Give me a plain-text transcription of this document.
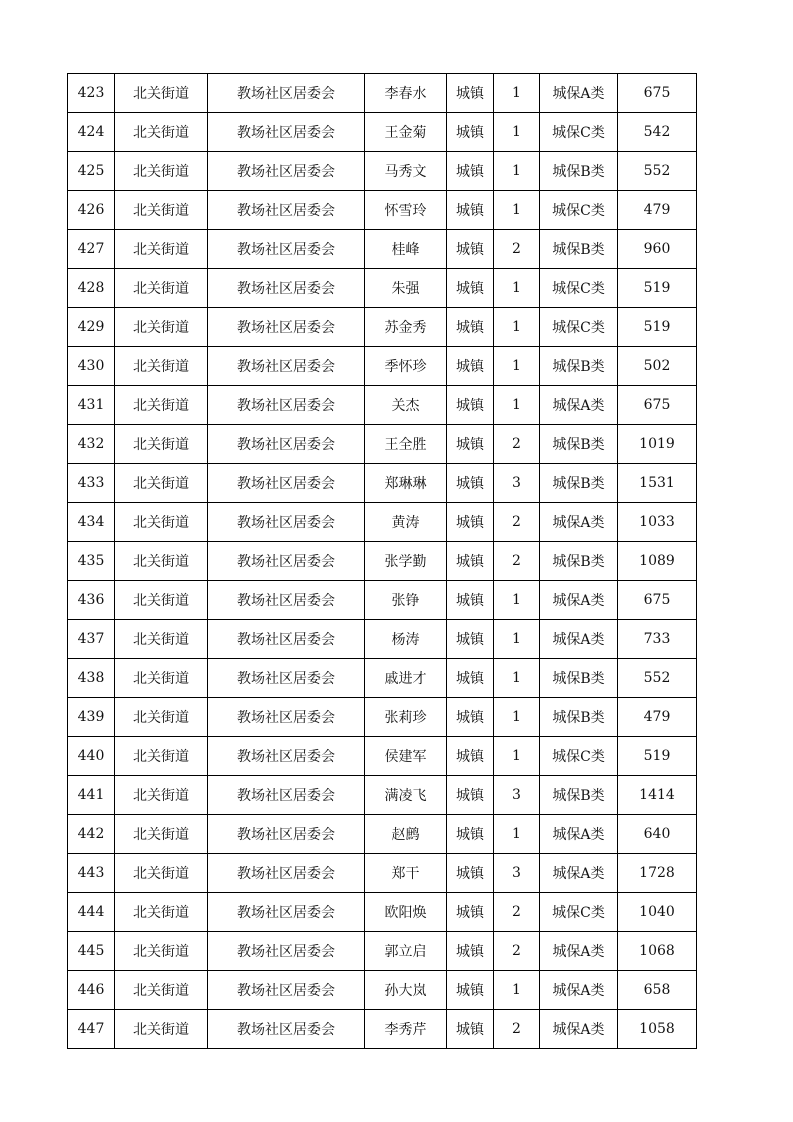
423	北关街道	教场社区居委会	李春水	城镇	1	城保A类	675
424	北关街道	教场社区居委会	王金菊	城镇	1	城保C类	542
425	北关街道	教场社区居委会	马秀文	城镇	1	城保B类	552
426	北关街道	教场社区居委会	怀雪玲	城镇	1	城保C类	479
427	北关街道	教场社区居委会	桂峰	城镇	2	城保B类	960
428	北关街道	教场社区居委会	朱强	城镇	1	城保C类	519
429	北关街道	教场社区居委会	苏金秀	城镇	1	城保C类	519
430	北关街道	教场社区居委会	季怀珍	城镇	1	城保B类	502
431	北关街道	教场社区居委会	关杰	城镇	1	城保A类	675
432	北关街道	教场社区居委会	王全胜	城镇	2	城保B类	1019
433	北关街道	教场社区居委会	郑琳琳	城镇	3	城保B类	1531
434	北关街道	教场社区居委会	黄涛	城镇	2	城保A类	1033
435	北关街道	教场社区居委会	张学勤	城镇	2	城保B类	1089
436	北关街道	教场社区居委会	张铮	城镇	1	城保A类	675
437	北关街道	教场社区居委会	杨涛	城镇	1	城保A类	733
438	北关街道	教场社区居委会	戚进才	城镇	1	城保B类	552
439	北关街道	教场社区居委会	张莉珍	城镇	1	城保B类	479
440	北关街道	教场社区居委会	侯建军	城镇	1	城保C类	519
441	北关街道	教场社区居委会	满凌飞	城镇	3	城保B类	1414
442	北关街道	教场社区居委会	赵鹧	城镇	1	城保A类	640
443	北关街道	教场社区居委会	郑干	城镇	3	城保A类	1728
444	北关街道	教场社区居委会	欧阳焕	城镇	2	城保C类	1040
445	北关街道	教场社区居委会	郭立启	城镇	2	城保A类	1068
446	北关街道	教场社区居委会	孙大岚	城镇	1	城保A类	658
447	北关街道	教场社区居委会	李秀芹	城镇	2	城保A类	1058
